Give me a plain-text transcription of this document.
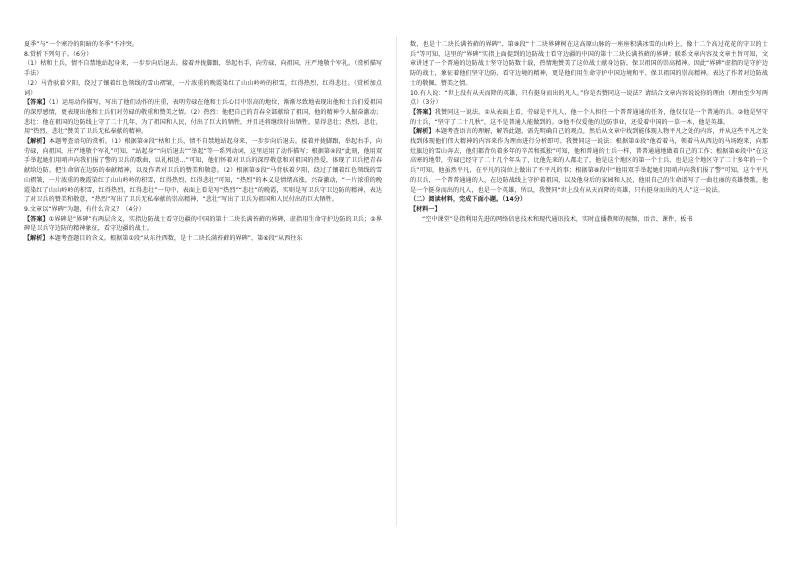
夏季”与“一个寒冷的阴暗的冬季”不冲突。

8.赏析下列句子。（6分）

（1）枯和土兵，情不自禁地站起身来，一步步向后退去。接着并拢脚跟，举起右手，向劳碌，向祖国，庄严地敬个军礼。（赏析描写手法）

（2）马背驮着夕阳，绕过了镶着红色领线的雪山褶皱，一片浓重的晚霞染红了山山岭岭的积雪，红得热烈，红得悲壮。（赏析加点词）

【答案】（1）运用动作描写，写出了他们动作的庄重，表明劳碌在他和士兵心目中崇高的地位，渐渐尽致地表现出他和士兵们爱祖国的深厚感情，更表现出他和士兵们对劳碌的敬重和赞美之情。（2）热烈：他把自己的青春全部献给了祖国，他的精神令人振奋激动；悲壮：他在祖国的边防线上守了二十几年，为了祖国和人民，付出了巨大的牺牲，并且还将继续付出牺牲，显得悲壮；热烈、悲壮，用“热烈、悲壮”赞美了卫兵无私奉献的精神。

【解析】本题考查语句的赏析。（1）根据第④段“枯和土兵，情不自禁地站起身来，一步步向后退去。接着并拢脚跟，举起右手，向劳碌，向祖国，庄严地敬个军礼”可知，“站起身”“向后退去”“举起”等一系列动词，这里运用了动作描写；根据第④段“此刻，他用双手举起她们用哨声向我们报了警的卫兵的歌曲，以礼相送…”可知，他们怀着对卫兵的深厚敬意和对祖国的热爱，体现了卫兵把青春献给边防、把生命留在边防的奉献精神，以及作者对卫兵的赞美和敬意。（2）根据第⑤段“马背驮着夕阳，绕过了镶着红色领线的雪山褶皱，一片浓重的晚霞染红了山山岭岭的积雪，红得热烈，红得悲壮”可知，“热烈”的本义是情绪高涨，兴奋激动，“一片浓重的晚霞染红了山山岭岭的积雪，红得热烈，红得悲壮”一句中，表面上看是写“热烈”“悲壮”的晚霞，实则是写卫兵守卫边防的精神，表达了对卫兵的赞美和敬意，“热烈”写出了卫兵无私奉献的崇高精神，“悲壮”写出了卫兵为祖国和人民付出的巨大牺牲。

9.文章以“界碑”为题，有什么含义？（4分）

【答案】①界碑是“界碑”有两层含义，实指边防战士看守边疆的中国的第十二块长满苔藓的界碑，虚指用生命守护边防的卫兵；②界碑是卫兵守边防的精神象征，看守边疆的战士。

【解析】本题考查题目的含义。根据第①段“从东往西数，是十二块长满苔藓的界碑”、第⑥段“从西往东

数，也是十二块长满苔藓的界碑”、第⑧段“十二块界碑树在这高原山脉的一座座积满冰雪的山岭上，像十二个高过花花的守卫的士兵”等可知，这里的“界碑”实指上面提到的边防战士看守边疆的中国的第十二块长满苔藓的界碑；联系文章内容及文章主旨可知，文章讲述了一个普通的边防战士坚守边防数十载，热情地赞美了这位战士献身边防、保卫祖国的崇高精神。因此“界碑”虚指的是守护边防的战士，象征着他们坚守边防、看守边境的精神，更是他们用生命守护中国边境和平、保卫祖国的崇高精神。表达了作者对边防战士的敬佩、赞美之情。

10.有人说：“世上没有从天而降的英雄，只有挺身而出的凡人。”你是否赞同这一说法？请结合文章内容说说你的理由（理由至少写两点）（3分）

【答案】我赞同这一说法。①从表面上看，劳碌是平凡人，他一个人担任一个普普通通的任务，他仅仅是一个普通的兵。②他是坚守的士兵，“坚守了二十几秋”，这不是普通人能做到的。③他不仅爱他的边防事业，还爱着中国的一草一木，他是英雄。

【解析】本题考查语言的理解，解答此题，需先明确自己的观点，然后从文章中找到能体现人物平凡之处的内容，并从这些平凡之处找到体现他们伟大精神的内容来作为理由进行分析即可。我赞同这一说法：根据第①段“他看着马，领着马从西边的马场跑来，向那灶旗边的雪山奔去，他们都背负着多年的辛苦和孤独”可知，他和普通的士兵一样，普普通通地做着自己的工作；根据第⑥段中“在这高寒的地带，劳碌已经守了二十几个年头了，比他先来的人都走了，他是这个地区的第一个士兵，也是这个地区守了二十多年的一个兵”可知，他虽然平凡，在平凡的岗位上做出了不平凡的事；根据第⑧段中“他用双手举起她们用哨声向我们报了警”可知，这个平凡的卫兵，一个普普通通的人，在边防战线上守护着祖国，以及他身后的家园和人民，他用自己的生命谱写了一曲壮丽的英雄赞歌。他是一个挺身而出的凡人，也是一个英雄，所以，我赞同“世上没有从天而降的英雄，只有挺身而出的凡人”这一说法。

（二）阅读材料，完成下面小题。（14分）

【材料一】

“空中课堂”是指利用先进的网络信息技术和现代通讯技术，实时直播教师的视频、语音、课件、板书
